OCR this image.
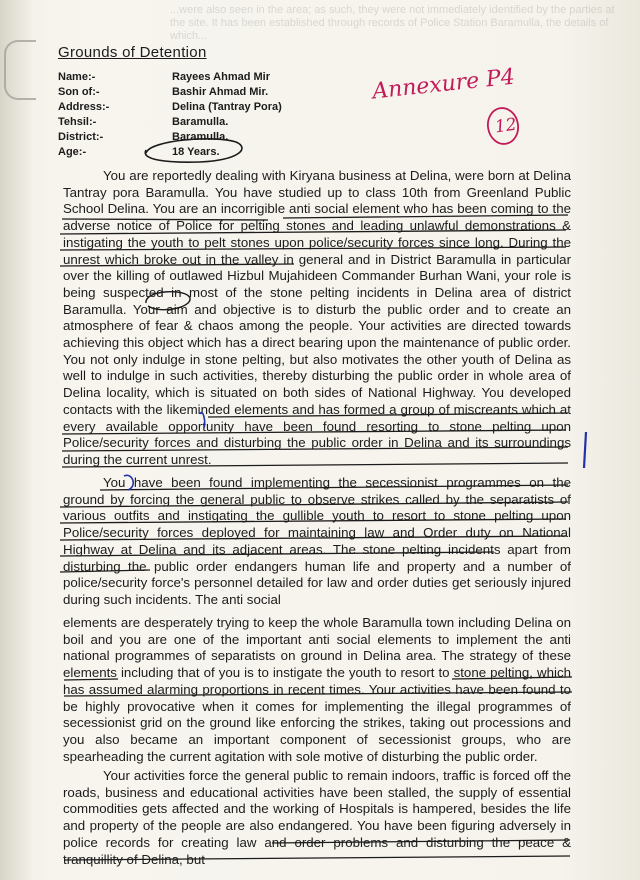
...were also seen in the area; as such, they were not immediately identified by the parties at the site. It has been established through records of Police Station Baramulla, the details of which...
Grounds of Detention
Name:-	Rayees Ahmad Mir
Son of:-	Bashir Ahmad Mir.
Address:-	Delina (Tantray Pora)
Tehsil:-	Baramulla.
District:-	Baramulla.
Age:-	18 Years.
Annexure P4
12

You are reportedly dealing with Kiryana business at Delina, were born at Delina Tantray pora Baramulla. You have studied up to class 10th from Greenland Public School Delina. You are an incorrigible anti social element who has been coming to the adverse notice of Police for pelting stones and leading unlawful demonstrations & instigating the youth to pelt stones upon police/security forces since long. During the unrest which broke out in the valley in general and in District Baramulla in particular over the killing of outlawed Hizbul Mujahideen Commander Burhan Wani, your role is being suspected in most of the stone pelting incidents in Delina area of district Baramulla. Your aim and objective is to disturb the public order and to create an atmosphere of fear & chaos among the people. Your activities are directed towards achieving this object which has a direct bearing upon the maintenance of public order. You not only indulge in stone pelting, but also motivates the other youth of Delina as well to indulge in such activities, thereby disturbing the public order in whole area of Delina locality, which is situated on both sides of National Highway. You developed contacts with the likeminded elements and has formed a group of miscreants which at every available opportunity have been found resorting to stone pelting upon Police/security forces and disturbing the public order in Delina and its surroundings during the current unrest.

You have been found implementing the secessionist programmes on the ground by forcing the general public to observe strikes called by the separatists of various outfits and instigating the gullible youth to resort to stone pelting upon Police/security forces deployed for maintaining law and Order duty on National Highway at Delina and its adjacent areas. The stone pelting incidents apart from disturbing the public order endangers human life and property and a number of police/security force's personnel detailed for law and order duties get seriously injured during such incidents. The anti social

elements are desperately trying to keep the whole Baramulla town including Delina on boil and you are one of the important anti social elements to implement the anti national programmes of separatists on ground in Delina area. The strategy of these elements including that of you is to instigate the youth to resort to stone pelting, which has assumed alarming proportions in recent times. Your activities have been found to be highly provocative when it comes for implementing the illegal programmes of secessionist grid on the ground like enforcing the strikes, taking out processions and you also became an important component of secessionist groups, who are spearheading the current agitation with sole motive of disturbing the public order.

Your activities force the general public to remain indoors, traffic is forced off the roads, business and educational activities have been stalled, the supply of essential commodities gets affected and the working of Hospitals is hampered, besides the life and property of the people are also endangered. You have been figuring adversely in police records for creating law and order problems and disturbing the peace & tranquillity of Delina, but
